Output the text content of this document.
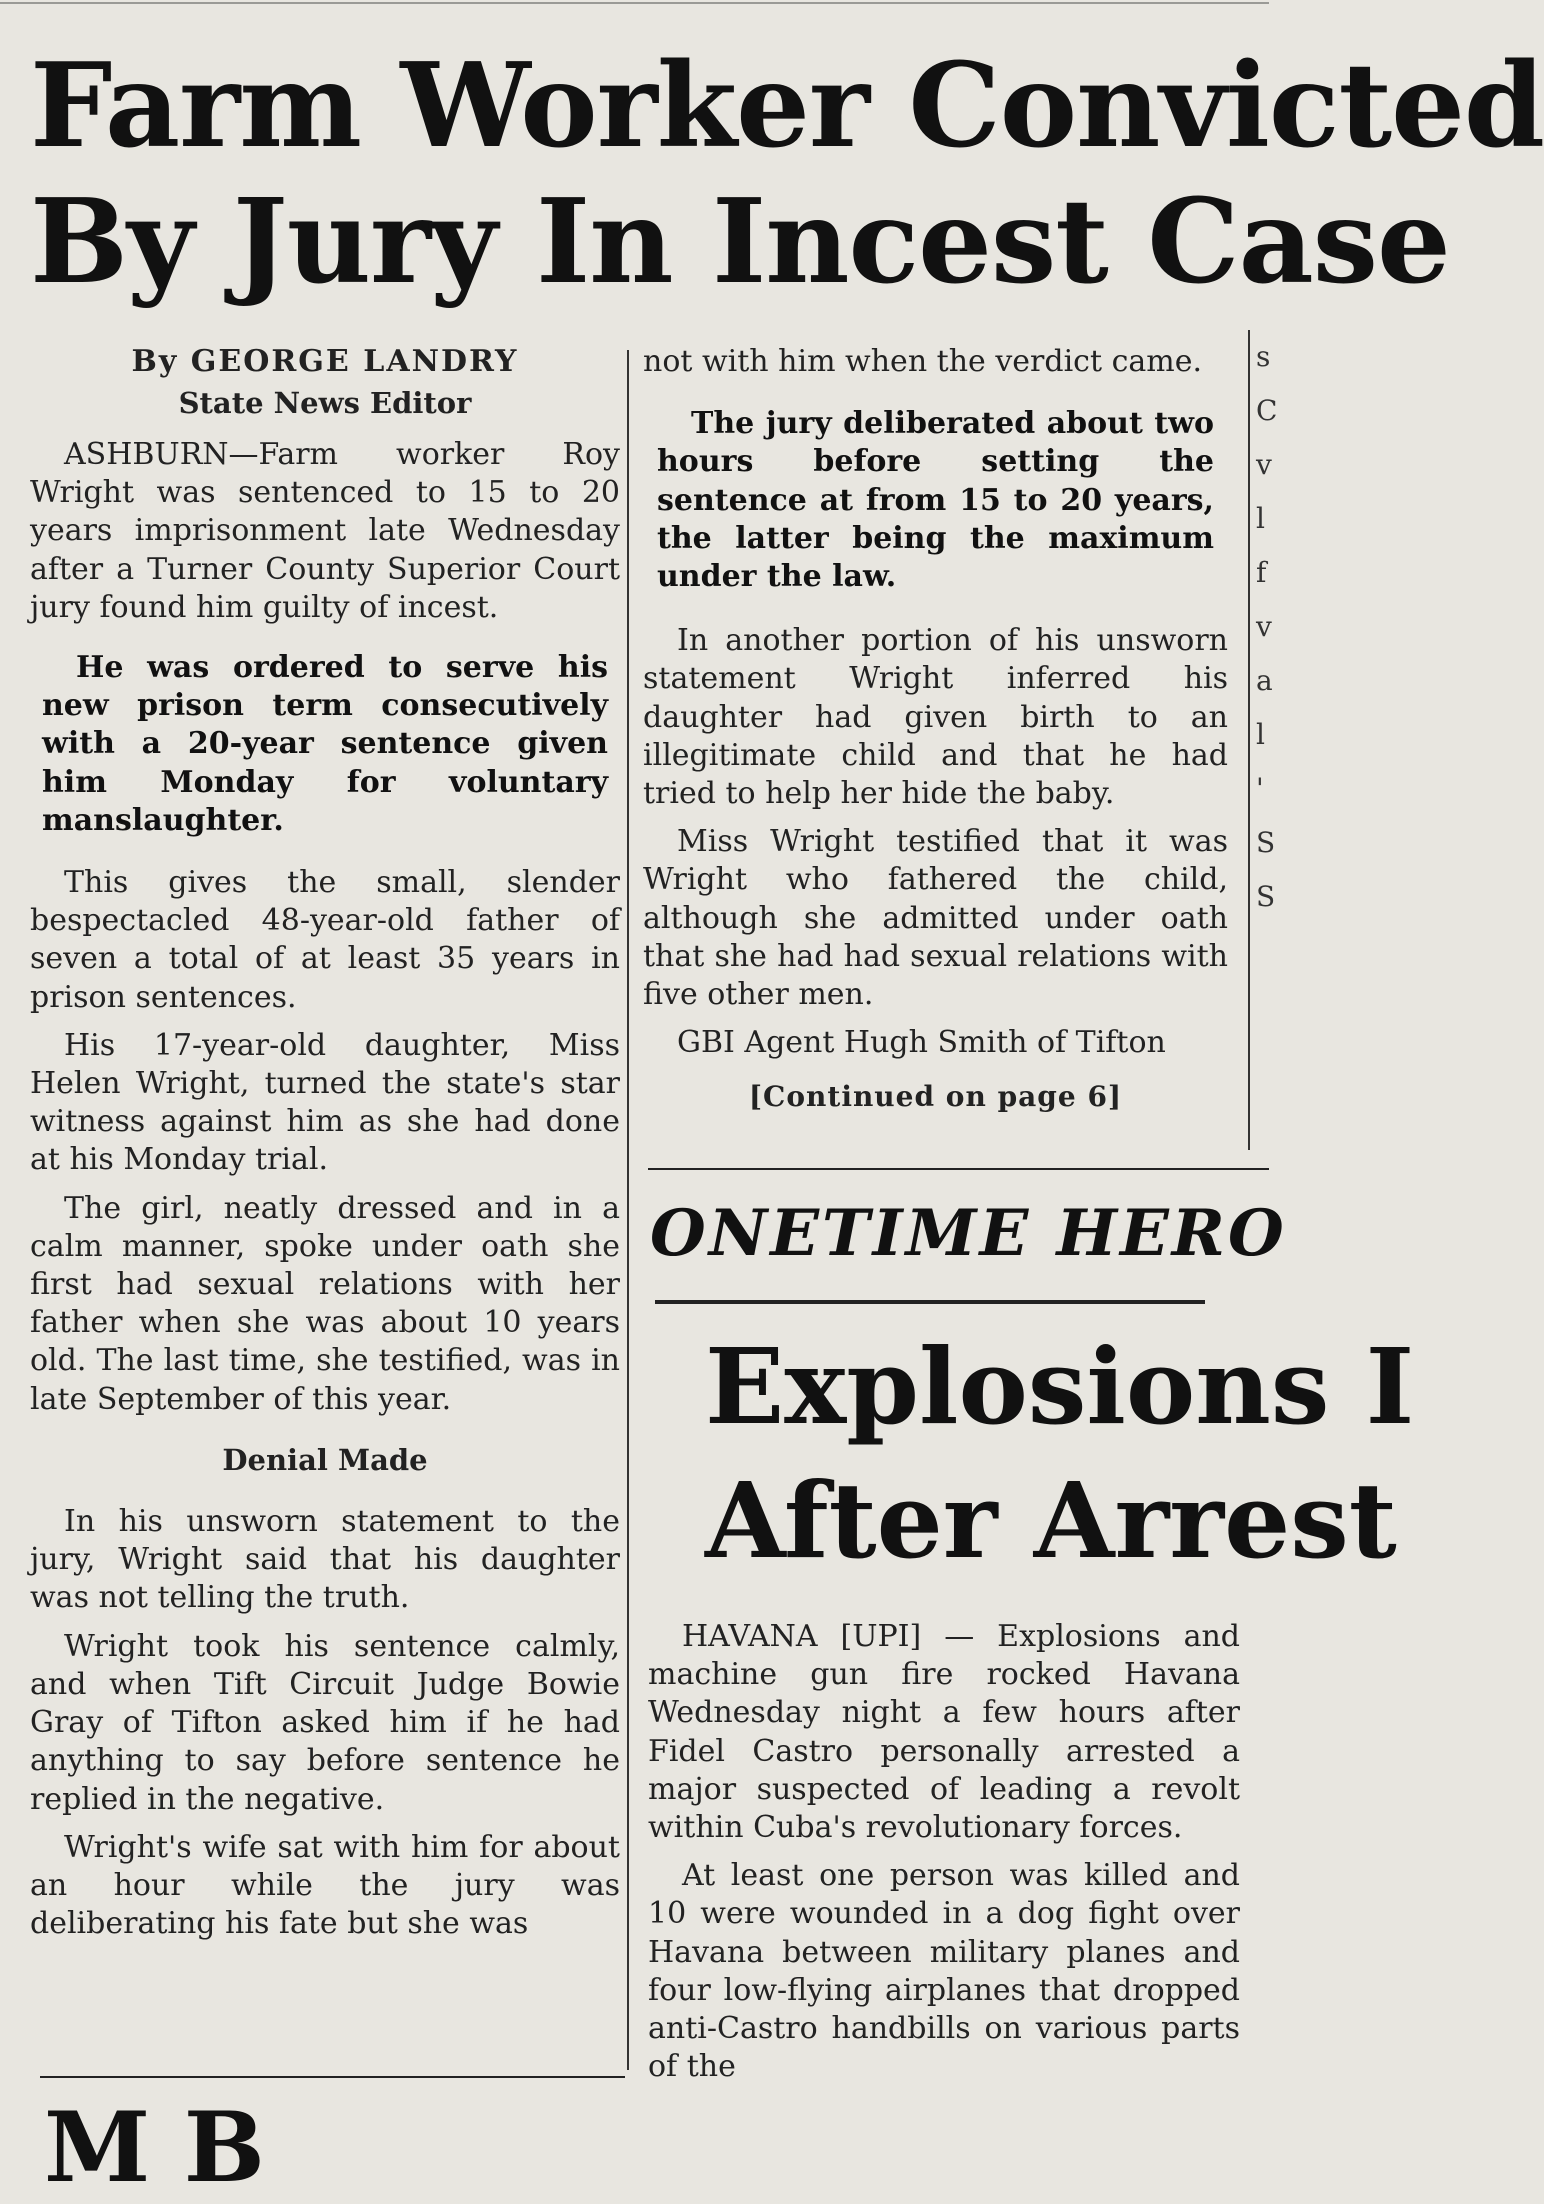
Farm Worker Convicted
By Jury In Incest Case
By GEORGE LANDRY
State News Editor

ASHBURN—Farm worker Roy Wright was sentenced to 15 to 20 years imprisonment late Wednesday after a Turner County Superior Court jury found him guilty of incest.

He was ordered to serve his new prison term consecutively with a 20-year sentence given him Monday for voluntary manslaughter.

This gives the small, slender bespectacled 48-year-old father of seven a total of at least 35 years in prison sentences.

His 17-year-old daughter, Miss Helen Wright, turned the state's star witness against him as she had done at his Monday trial.

The girl, neatly dressed and in a calm manner, spoke under oath she first had sexual relations with her father when she was about 10 years old. The last time, she testified, was in late September of this year.

Denial Made

In his unsworn statement to the jury, Wright said that his daughter was not telling the truth.

Wright took his sentence calmly, and when Tift Circuit Judge Bowie Gray of Tifton asked him if he had anything to say before sentence he replied in the negative.

Wright's wife sat with him for about an hour while the jury was deliberating his fate but she was

not with him when the verdict came.

The jury deliberated about two hours before setting the sentence at from 15 to 20 years, the latter being the maximum under the law.

In another portion of his unsworn statement Wright inferred his daughter had given birth to an illegitimate child and that he had tried to help her hide the baby.

Miss Wright testified that it was Wright who fathered the child, although she admitted under oath that she had had sexual relations with five other men.

GBI Agent Hugh Smith of Tifton

[Continued on page 6]
ONETIME HERO
Explosions I
After Arrest

HAVANA [UPI] — Explosions and machine gun fire rocked Havana Wednesday night a few hours after Fidel Castro personally arrested a major suspected of leading a revolt within Cuba's revolutionary forces.

At least one person was killed and 10 were wounded in a dog fight over Havana between military planes and four low-flying airplanes that dropped anti-Castro handbills on various parts of the

M B
s C v l f v a l ' S S
